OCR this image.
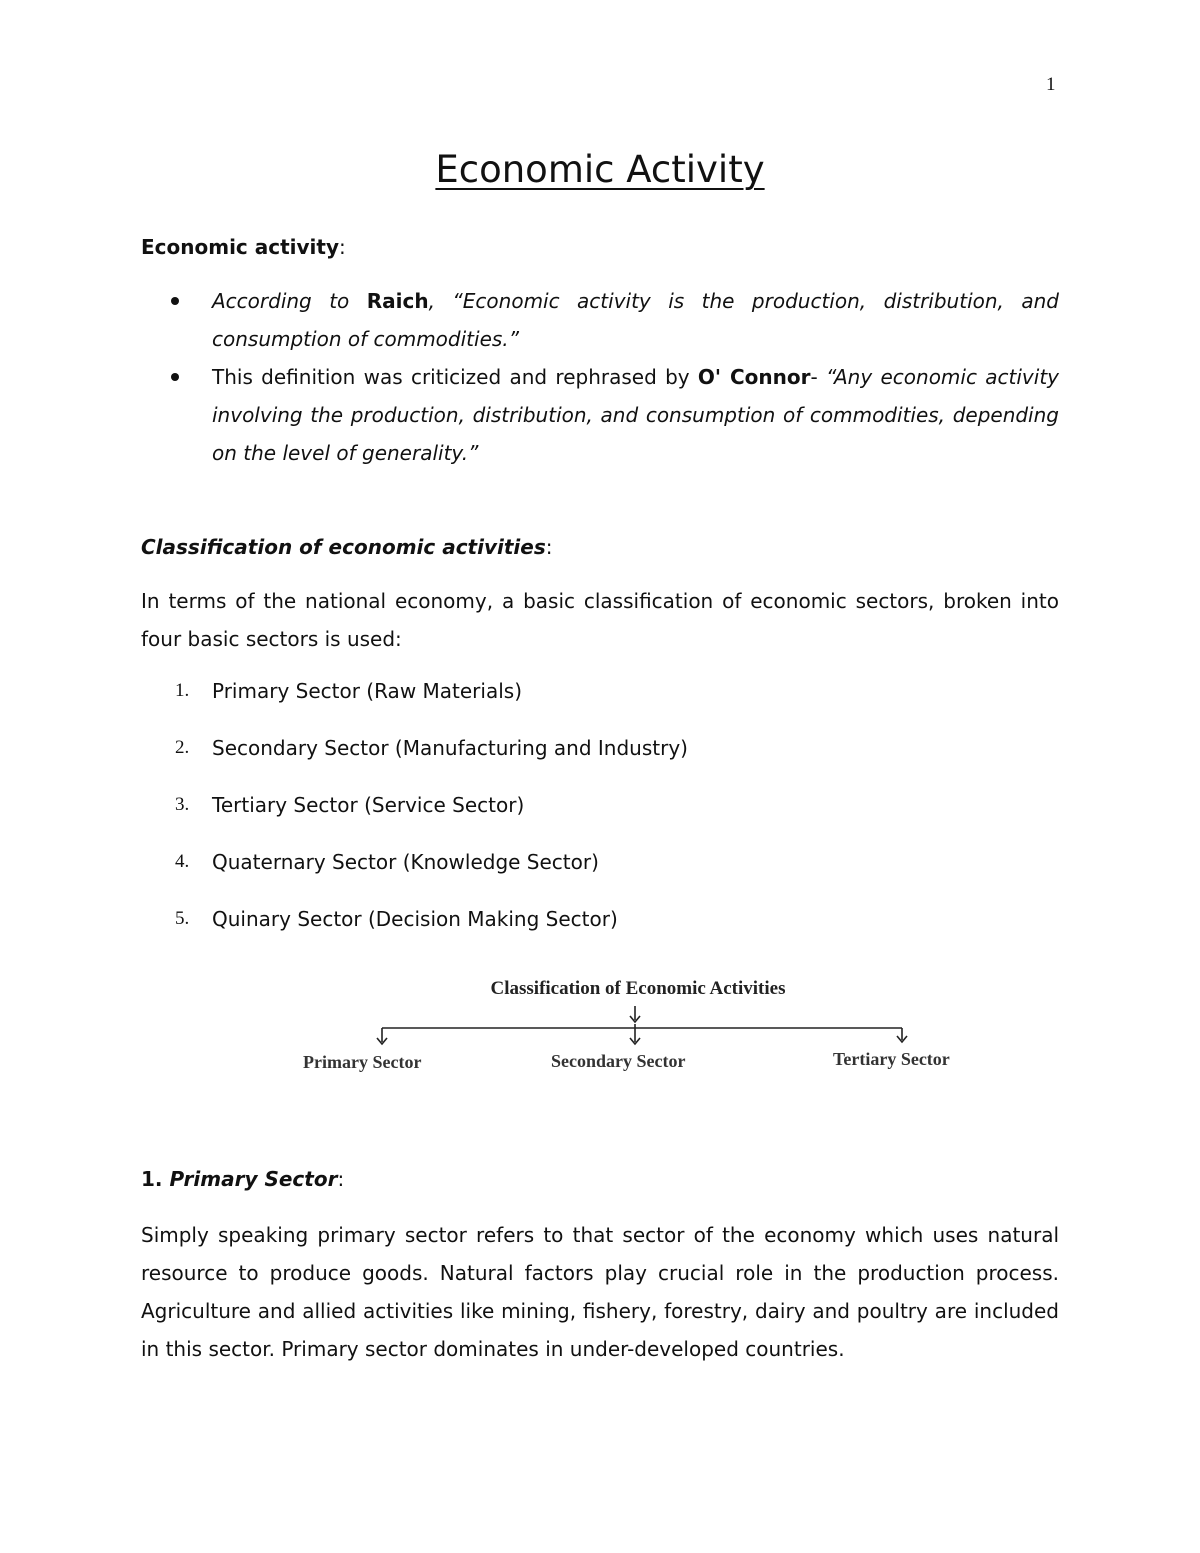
1
Economic Activity

Economic activity:

According to Raich, “Economic activity is the production, distribution, and consumption of commodities.”
This definition was criticized and rephrased by O' Connor- “Any economic activity involving the production, distribution, and consumption of commodities, depending on the level of generality.”

Classification of economic activities:

In terms of the national economy, a basic classification of economic sectors, broken into four basic sectors is used:

1. Primary Sector (Raw Materials)
2. Secondary Sector (Manufacturing and Industry)
3. Tertiary Sector (Service Sector)
4. Quaternary Sector (Knowledge Sector)
5. Quinary Sector (Decision Making Sector)
Classification of Economic Activities
Primary Sector	Secondary Sector	Tertiary Sector

1. Primary Sector:

Simply speaking primary sector refers to that sector of the economy which uses natural resource to produce goods. Natural factors play crucial role in the production process. Agriculture and allied activities like mining, fishery, forestry, dairy and poultry are included in this sector. Primary sector dominates in under-developed countries.
